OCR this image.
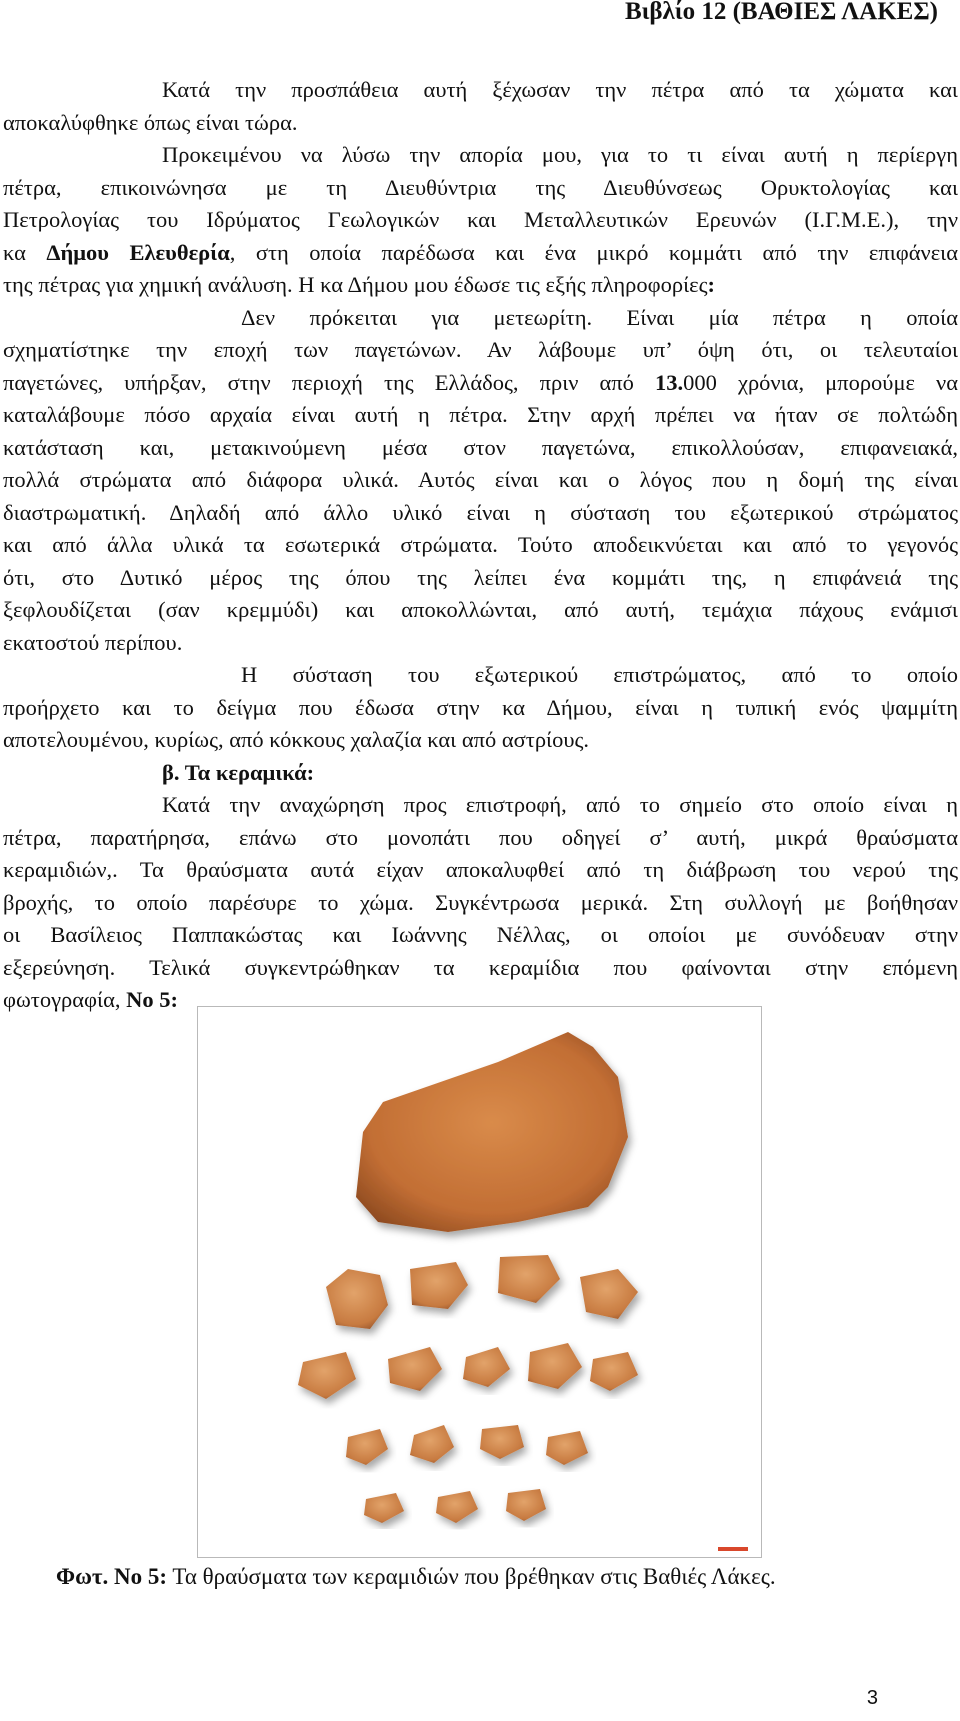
Βιβλίο 12 (ΒΑΘΙΕΣ ΛΑΚΕΣ)

Κατά την προσπάθεια αυτή ξέχωσαν την πέτρα από τα χώματα και

αποκαλύφθηκε όπως είναι τώρα.

Προκειμένου να λύσω την απορία μου, για το τι είναι αυτή η περίεργη

πέτρα, επικοινώνησα με τη Διευθύντρια της Διευθύνσεως Ορυκτολογίας και

Πετρολογίας του Ιδρύματος Γεωλογικών και Μεταλλευτικών Ερευνών (Ι.Γ.Μ.Ε.), την

κα Δήμου Ελευθερία, στη οποία παρέδωσα και ένα μικρό κομμάτι από την επιφάνεια

της πέτρας για χημική ανάλυση. Η κα Δήμου μου έδωσε τις εξής πληροφορίες:

Δεν πρόκειται για μετεωρίτη. Είναι μία πέτρα η οποία

σχηματίστηκε την εποχή των παγετώνων. Αν λάβουμε υπ’ όψη ότι, οι τελευταίοι

παγετώνες, υπήρξαν, στην περιοχή της Ελλάδος, πριν από 13.000 χρόνια, μπορούμε να

καταλάβουμε πόσο αρχαία είναι αυτή η πέτρα. Στην αρχή πρέπει να ήταν σε πολτώδη

κατάσταση και, μετακινούμενη μέσα στον παγετώνα, επικολλούσαν, επιφανειακά,

πολλά στρώματα από διάφορα υλικά. Αυτός είναι και ο λόγος που η δομή της είναι

διαστρωματική. Δηλαδή από άλλο υλικό είναι η σύσταση του εξωτερικού στρώματος

και από άλλα υλικά τα εσωτερικά στρώματα. Τούτο αποδεικνύεται και από το γεγονός

ότι, στο Δυτικό μέρος της όπου της λείπει ένα κομμάτι της, η επιφάνειά της

ξεφλουδίζεται (σαν κρεμμύδι) και αποκολλώνται, από αυτή, τεμάχια πάχους ενάμισι

εκατοστού περίπου.

Η σύσταση του εξωτερικού επιστρώματος, από το οποίο

προήρχετο και το δείγμα που έδωσα στην κα Δήμου, είναι η τυπική ενός ψαμμίτη

αποτελουμένου, κυρίως, από κόκκους χαλαζία και από αστρίους.

β. Τα κεραμικά:

Κατά την αναχώρηση προς επιστροφή, από το σημείο στο οποίο είναι η

πέτρα, παρατήρησα, επάνω στο μονοπάτι που οδηγεί σ’ αυτή, μικρά θραύσματα

κεραμιδιών,. Τα θραύσματα αυτά είχαν αποκαλυφθεί από τη διάβρωση του νερού της

βροχής, το οποίο παρέσυρε το χώμα. Συγκέντρωσα μερικά. Στη συλλογή με βοήθησαν

οι Βασίλειος Παππακώστας και Ιωάννης Νέλλας, οι οποίοι με συνόδευαν στην

εξερεύνηση. Τελικά συγκεντρώθηκαν τα κεραμίδια που φαίνονται στην επόμενη

φωτογραφία, Νο 5:

Φωτ. Νο 5: Τα θραύσματα των κεραμιδιών που βρέθηκαν στις Βαθιές Λάκες.
3
